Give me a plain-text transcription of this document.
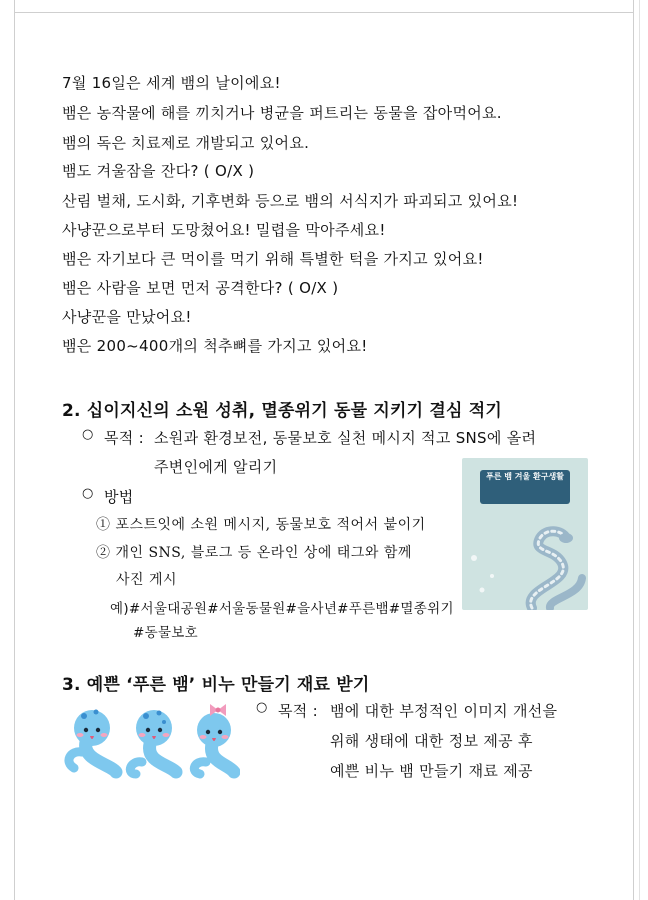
7월 16일은 세계 뱀의 날이에요!
뱀은 농작물에 해를 끼치거나 병균을 퍼트리는 동물을 잡아먹어요.
뱀의 독은 치료제로 개발되고 있어요.
뱀도 겨울잠을 잔다? ( O/X )
산림 벌채, 도시화, 기후변화 등으로 뱀의 서식지가 파괴되고 있어요!
사냥꾼으로부터 도망쳤어요! 밀렵을 막아주세요!
뱀은 자기보다 큰 먹이를 먹기 위해 특별한 턱을 가지고 있어요!
뱀은 사람을 보면 먼저 공격한다? ( O/X )
사냥꾼을 만났어요!
뱀은 200~400개의 척추뼈를 가지고 있어요!
2. 십이지신의 소원 성취, 멸종위기 동물 지키기 결심 적기
○ 목적 : 소원과 환경보전, 동물보호 실천 메시지 적고 SNS에 올려
주변인에게 알리기
○ 방법
① 포스트잇에 소원 메시지, 동물보호 적어서 붙이기
② 개인 SNS, 블로그 등 온라인 상에 태그와 함께
사진 게시
예)#서울대공원#서울동물원#을사년#푸른뱀#멸종위기
#동물보호
푸른 뱀 겨울 환구생활
3. 예쁜 ‘푸른 뱀’ 비누 만들기 재료 받기
○ 목적 : 뱀에 대한 부정적인 이미지 개선을
위해 생태에 대한 정보 제공 후
예쁜 비누 뱀 만들기 재료 제공
